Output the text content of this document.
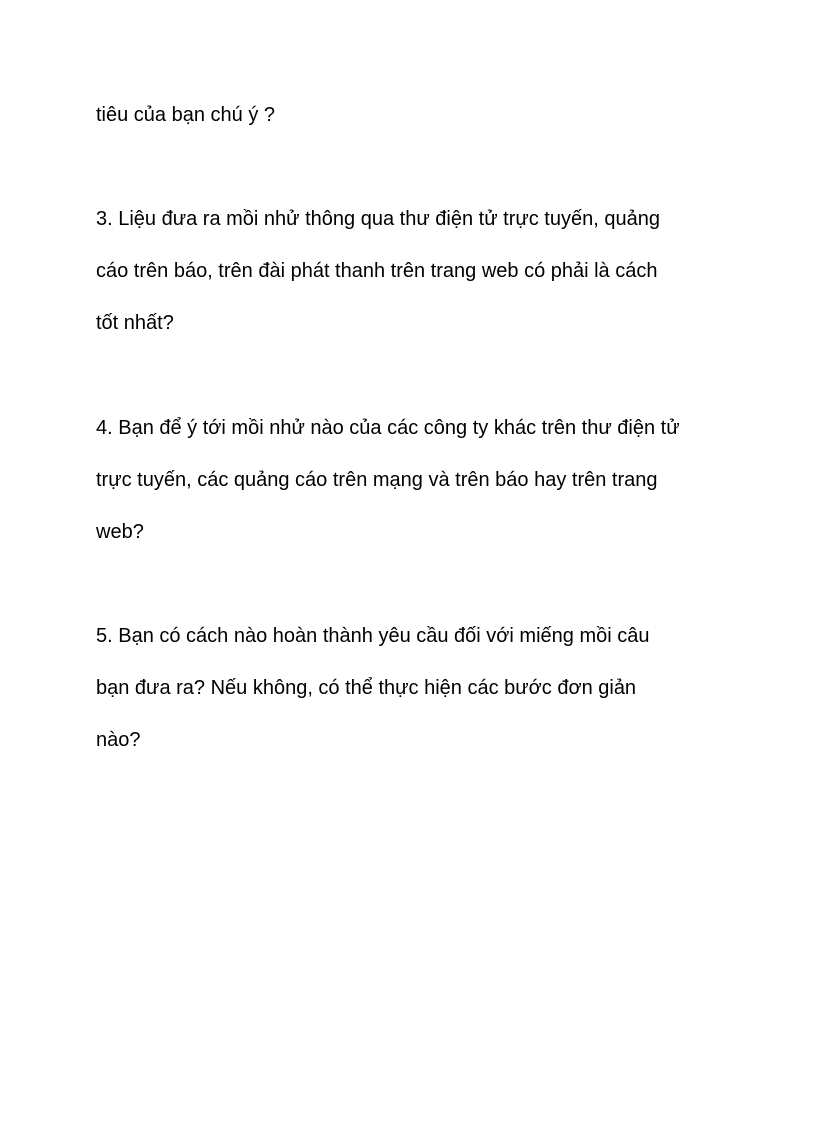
tiêu của bạn chú ý ?

3. Liệu đưa ra mồi nhử thông qua thư điện tử trực tuyến, quảng

cáo trên báo, trên đài phát thanh trên trang web có phải là cách

tốt nhất?

4. Bạn để ý tới mồi nhử nào của các công ty khác trên thư điện tử

trực tuyến, các quảng cáo trên mạng và trên báo hay trên trang

web?

5. Bạn có cách nào hoàn thành yêu cầu đối với miếng mồi câu

bạn đưa ra? Nếu không, có thể thực hiện các bước đơn giản

nào?
